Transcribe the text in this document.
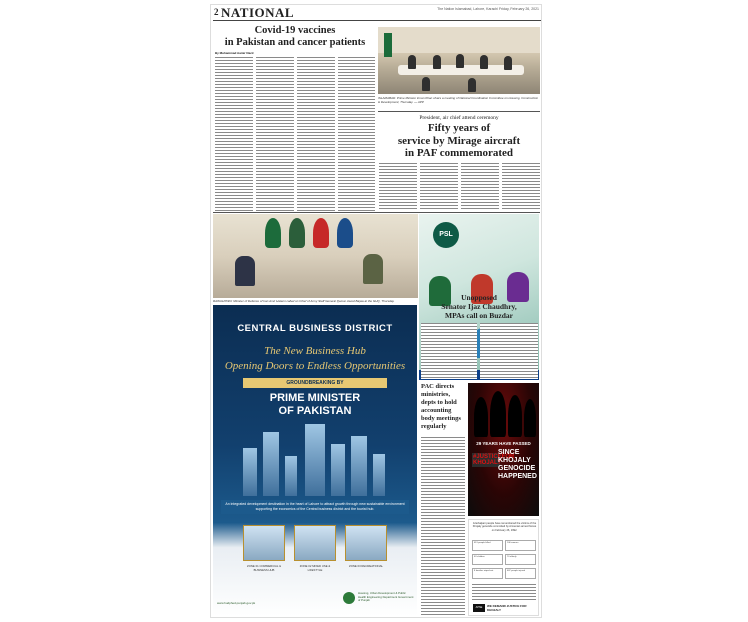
2 NATIONAL	The Nation Islamabad, Lahore, Karachi Friday, February 26, 2021
Covid-19 vaccines
in Pakistan and cancer patients
By Muhammad Aamir Nazir
ISLAMABAD: Prime Minister Imran Khan chairs a meeting of National Coordination Committee on Housing, Construction & Development, Thursday. — APP
President, air chief attend ceremony
Fifty years of
service by Mirage aircraft
in PAF commemorated
RAWALPINDI: Minister of Defence of Iran Amir Hatami called on Chief of Army Staff General Qamar Javed Bajwa at the GHQ, Thursday.
PSL
Unopposed
Senator Ijaz Chaudhry,
MPAs call on Buzdar
CENTRAL BUSINESS DISTRICT
The New Business Hub
Opening Doors to Endless Opportunities
GROUNDBREAKING BY
PRIME MINISTER
OF PAKISTAN
An integrated development destination in the heart of Lahore to attract growth through new sustainable environment supporting the economics of the Central business district and the tourist hub.
ZONE 01 COMMERCIAL & BUSINESS HUB
ZONE 02 MIXED USE & LIFESTYLE
ZONE 03 RECREATIONAL
www.hudphed.punjab.gov.pk
Housing, Urban Development & Public Health Engineering Department Government of Punjab
PAC directs
ministries,
depts to hold
accounting
body meetings
regularly
29 YEARS HAVE PASSED
#JUSTICEFOR KHOJALY
SINCE
KHOJALY
GENOCIDE
HAPPENED
Azerbaijani people have remembered the victims of the Khojaly genocide committed by Armenian armed forces on February 26, 1992.
613 people killed	106 women
63 children	70 elderly
8 families wiped out	487 people injured
APSE	WE DEMAND JUSTICE FOR KHOJALY
